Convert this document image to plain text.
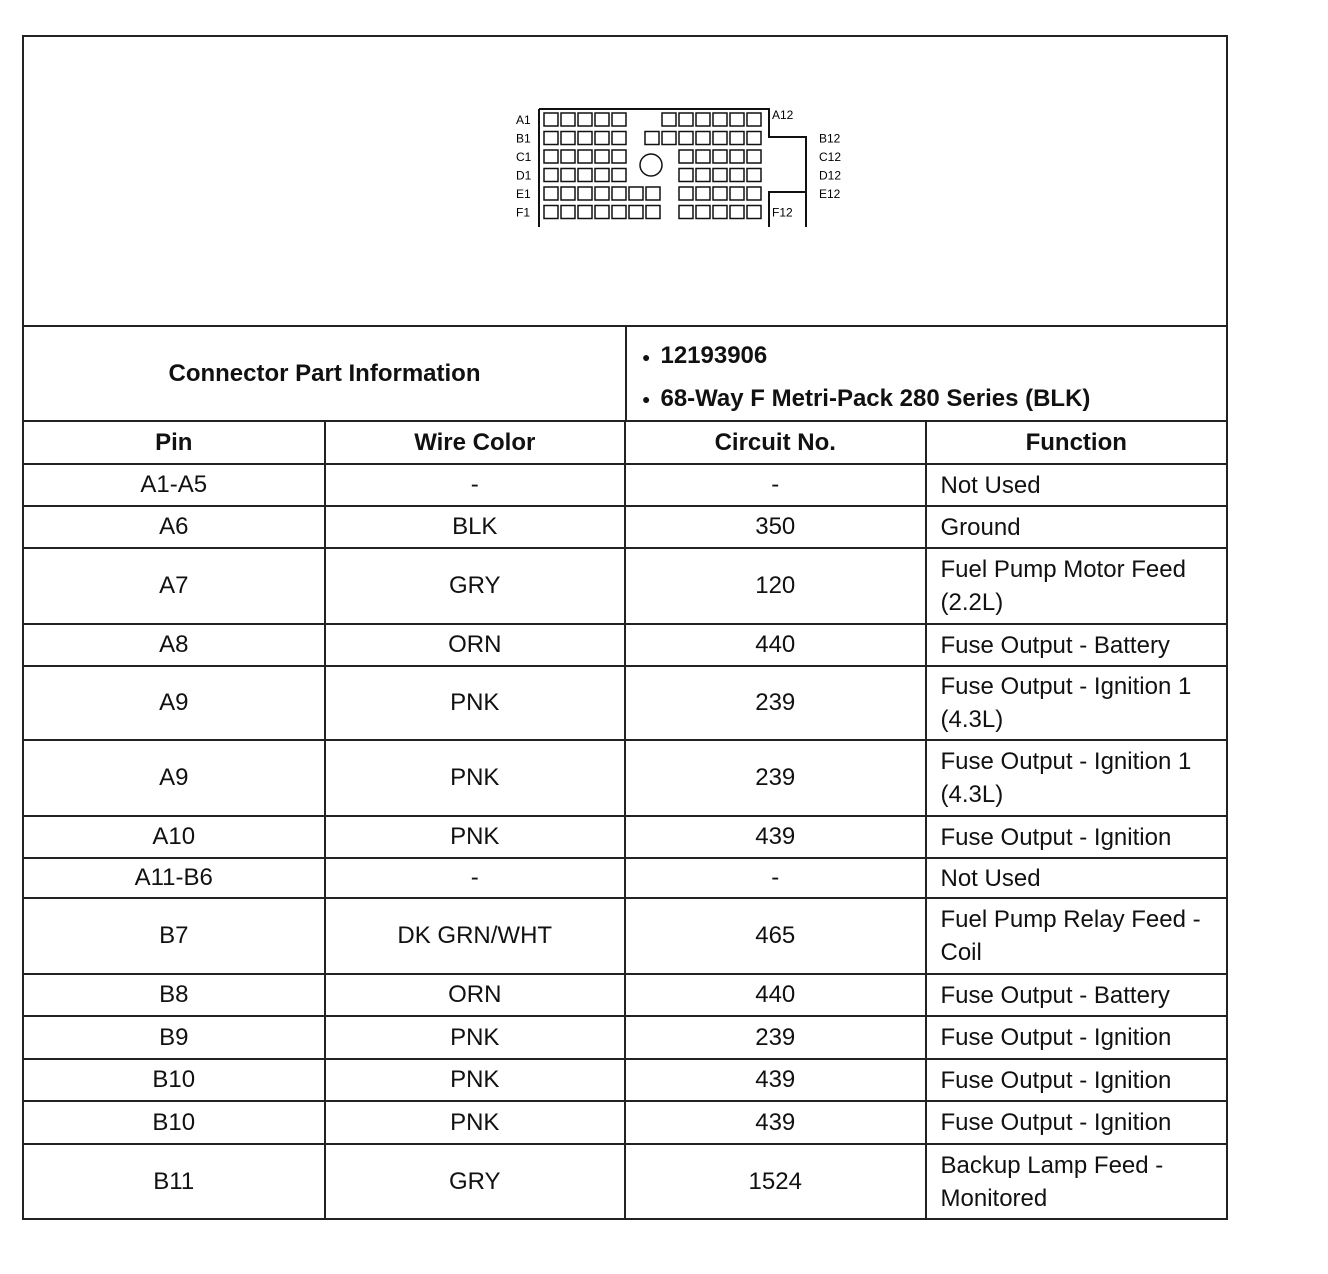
A1
B1
C1
D1
E1
F1
A12
B12
C12
D12
E12
F12
Connector Part Information
● 12193906
● 68-Way F Metri-Pack 280 Series (BLK)
Pin	Wire Color	Circuit No.	Function
A1-A5	-	-	Not Used
A6	BLK	350	Ground
A7	GRY	120	Fuel Pump Motor Feed (2.2L)
A8	ORN	440	Fuse Output - Battery
A9	PNK	239	Fuse Output - Ignition 1 (4.3L)
A9	PNK	239	Fuse Output - Ignition 1 (4.3L)
A10	PNK	439	Fuse Output - Ignition
A11-B6	-	-	Not Used
B7	DK GRN/WHT	465	Fuel Pump Relay Feed - Coil
B8	ORN	440	Fuse Output - Battery
B9	PNK	239	Fuse Output - Ignition
B10	PNK	439	Fuse Output - Ignition
B10	PNK	439	Fuse Output - Ignition
B11	GRY	1524	Backup Lamp Feed - Monitored
